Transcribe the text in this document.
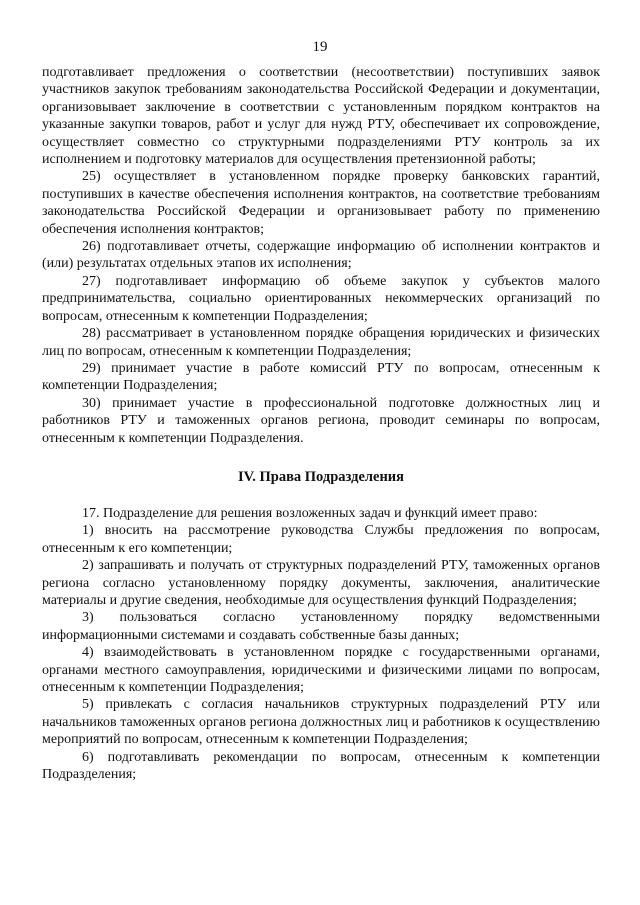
19

подготавливает предложения о соответствии (несоответствии) поступивших заявок участников закупок требованиям законодательства Российской Федерации и документации, организовывает заключение в соответствии с установленным порядком контрактов на указанные закупки товаров, работ и услуг для нужд РТУ, обеспечивает их сопровождение, осуществляет совместно со структурными подразделениями РТУ контроль за их исполнением и подготовку материалов для осуществления претензионной работы;

25) осуществляет в установленном порядке проверку банковских гарантий, поступивших в качестве обеспечения исполнения контрактов, на соответствие требованиям законодательства Российской Федерации и организовывает работу по применению обеспечения исполнения контрактов;

26) подготавливает отчеты, содержащие информацию об исполнении контрактов и (или) результатах отдельных этапов их исполнения;

27) подготавливает информацию об объеме закупок у субъектов малого предпринимательства, социально ориентированных некоммерческих организаций по вопросам, отнесенным к компетенции Подразделения;

28) рассматривает в установленном порядке обращения юридических и физических лиц по вопросам, отнесенным к компетенции Подразделения;

29) принимает участие в работе комиссий РТУ по вопросам, отнесенным к компетенции Подразделения;

30) принимает участие в профессиональной подготовке должностных лиц и работников РТУ и таможенных органов региона, проводит семинары по вопросам, отнесенным к компетенции Подразделения.

IV. Права Подразделения

17. Подразделение для решения возложенных задач и функций имеет право:

1) вносить на рассмотрение руководства Службы предложения по вопросам, отнесенным к его компетенции;

2) запрашивать и получать от структурных подразделений РТУ, таможенных органов региона согласно установленному порядку документы, заключения, аналитические материалы и другие сведения, необходимые для осуществления функций Подразделения;

3) пользоваться согласно установленному порядку ведомственными информационными системами и создавать собственные базы данных;

4) взаимодействовать в установленном порядке с государственными органами, органами местного самоуправления, юридическими и физическими лицами по вопросам, отнесенным к компетенции Подразделения;

5) привлекать с согласия начальников структурных подразделений РТУ или начальников таможенных органов региона должностных лиц и работников к осуществлению мероприятий по вопросам, отнесенным к компетенции Подразделения;

6) подготавливать рекомендации по вопросам, отнесенным к компетенции Подразделения;
